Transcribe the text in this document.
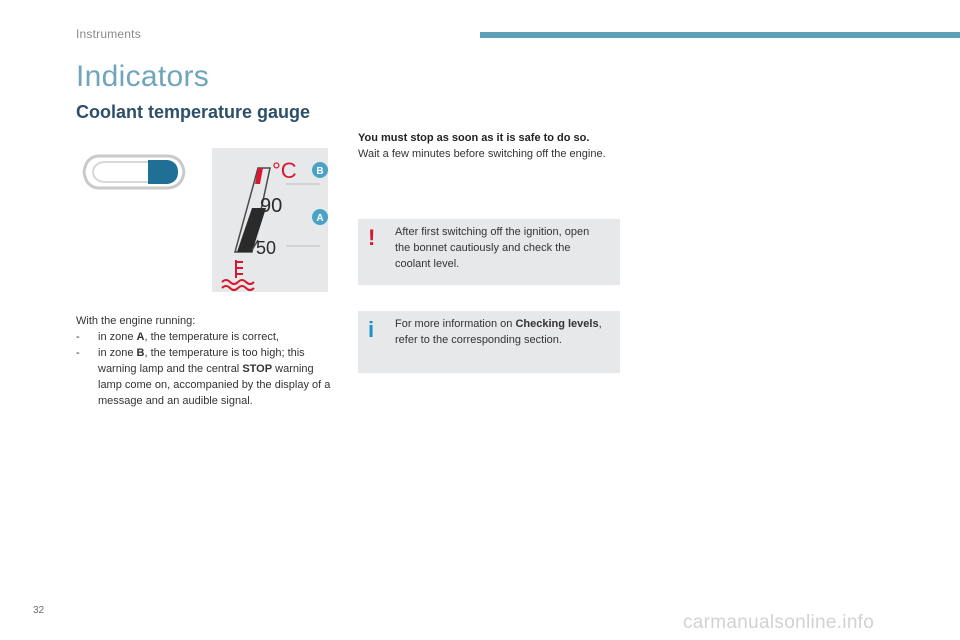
Instruments
Indicators
Coolant temperature gauge
°C
90
50
B
A
With the engine running:
- in zone A, the temperature is correct,
- in zone B, the temperature is too high; this warning lamp and the central STOP warning lamp come on, accompanied by the display of a message and an audible signal.
You must stop as soon as it is safe to do so.
Wait a few minutes before switching off the engine.
! After first switching off the ignition, open the bonnet cautiously and check the coolant level.
i For more information on Checking levels, refer to the corresponding section.
32
carmanualsonline.info
